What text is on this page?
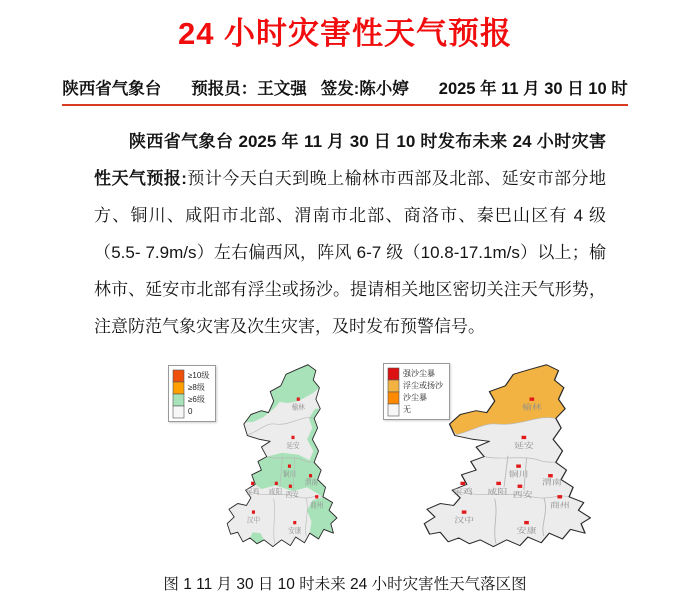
24 小时灾害性天气预报
陕西省气象台 预报员： 王文强 签发: 陈小婷 2025 年 11 月 30 日 10 时
陕西省气象台 2025 年 11 月 30 日 10 时发布未来 24 小时灾害性天气预报:预计今天白天到晚上榆林市西部及北部、延安市部分地方、铜川、咸阳市北部、渭南市北部、商洛市、秦巴山区有 4 级（5.5- 7.9m/s）左右偏西风，阵风 6-7 级（10.8-17.1m/s）以上；榆林市、延安市北部有浮尘或扬沙。提请相关地区密切关注天气形势，注意防范气象灾害及次生灾害，及时发布预警信号。
≥10级
≥8级
≥6级
0	榆林
延安
铜川
渭南
宝鸡 咸阳 西安
商州
汉中
安康
强沙尘暴
浮尘或扬沙
沙尘暴
无	榆林
延安
铜川
渭南
宝鸡 咸阳 西安
商州
汉中
安康
图 1 11 月 30 日 10 时未来 24 小时灾害性天气落区图
